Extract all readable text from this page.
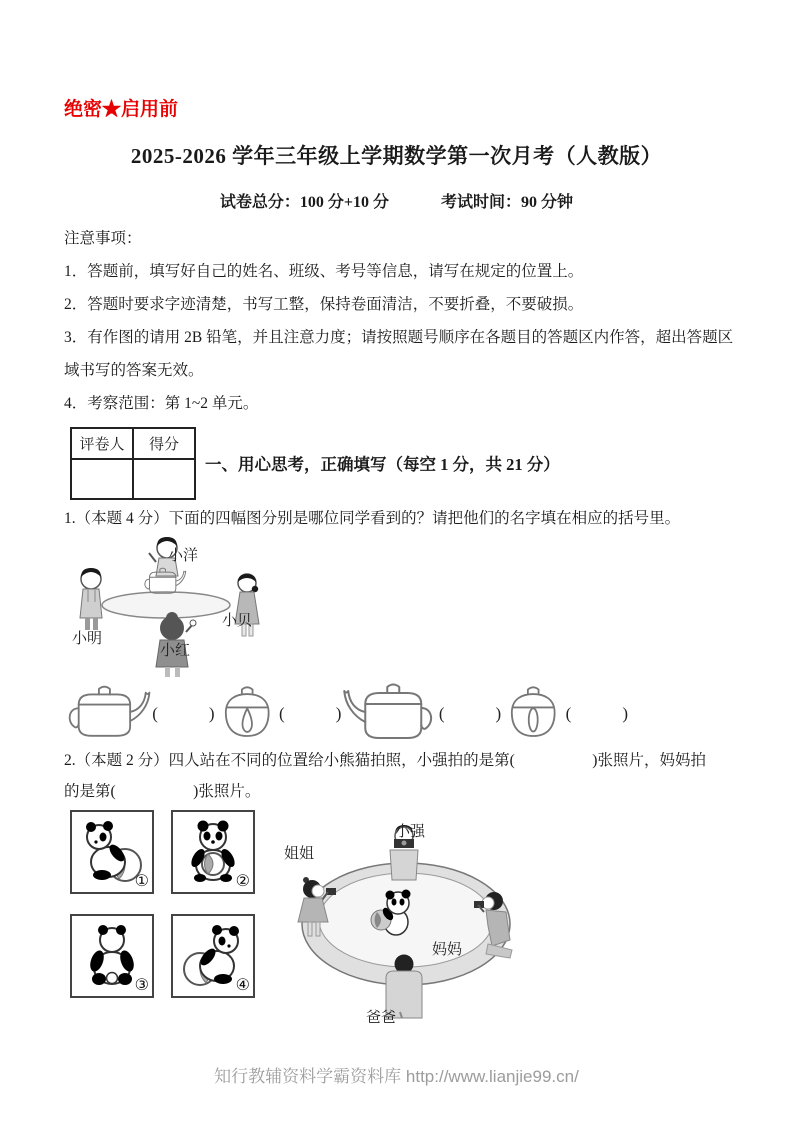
绝密★启用前
2025-2026 学年三年级上学期数学第一次月考（人教版）
试卷总分：100 分+10 分	考试时间：90 分钟
注意事项：
1．答题前，填写好自己的姓名、班级、考号等信息，请写在规定的位置上。
2．答题时要求字迹清楚，书写工整，保持卷面清洁，不要折叠，不要破损。
3．有作图的请用 2B 铅笔，并且注意力度；请按照题号顺序在各题目的答题区内作答，超出答题区域书写的答案无效。
4．考察范围：第 1~2 单元。
评卷人	得分

一、用心思考，正确填写（每空 1 分，共 21 分）
1.（本题 4 分）下面的四幅图分别是哪位同学看到的？请把他们的名字填在相应的括号里。
小洋
小明
小贝
小红
(　　　)	(　　　)	(　　　)	(　　　)
2.（本题 2 分）四人站在不同的位置给小熊猫拍照，小强拍的是第(　　　　　)张照片，妈妈拍
的是第(　　　　　)张照片。
①	②
③	④
小强
姐姐
妈妈
爸爸
知行教辅资料学霸资料库 http://www.lianjie99.cn/
